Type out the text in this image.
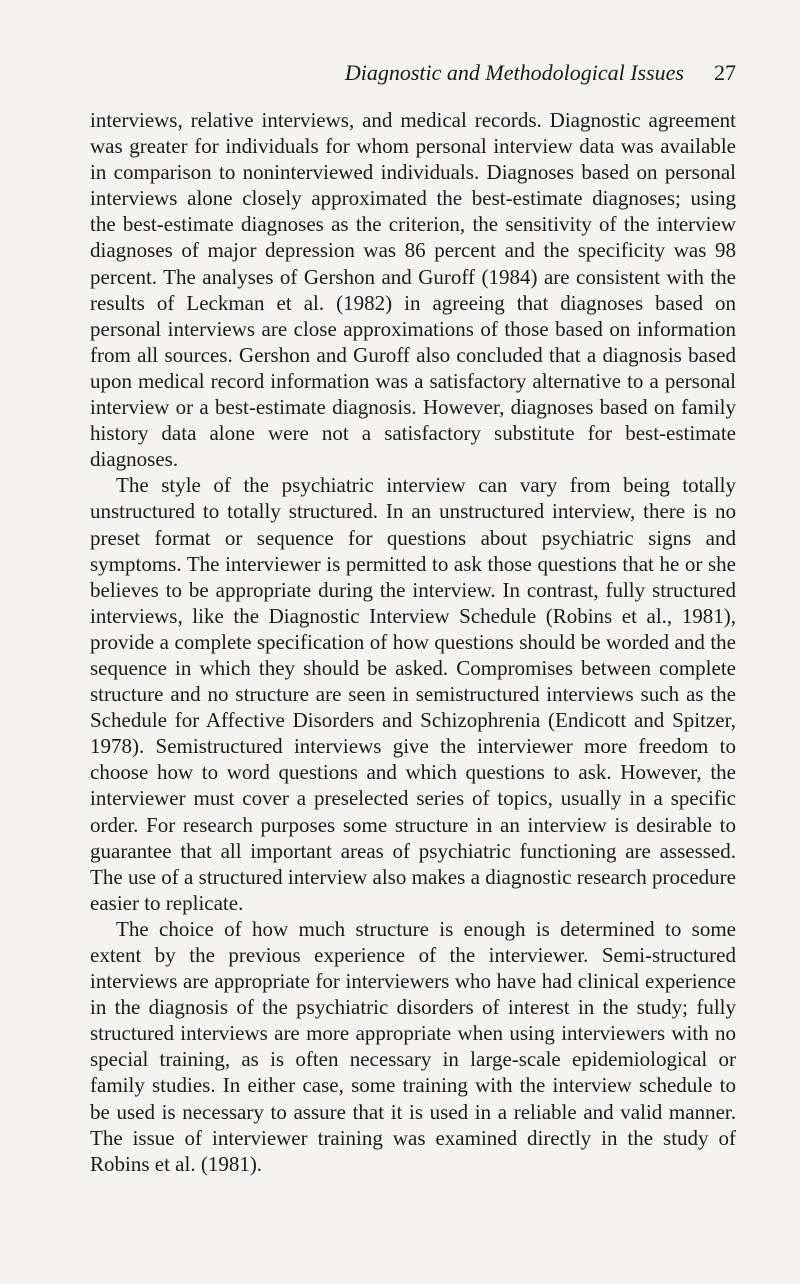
Diagnostic and Methodological Issues 27

interviews, relative interviews, and medical records. Diagnostic agreement was greater for individuals for whom personal interview data was available in comparison to noninterviewed individuals. Diagnoses based on personal interviews alone closely approximated the best-estimate diagnoses; using the best-estimate diagnoses as the criterion, the sensitivity of the interview diagnoses of major depression was 86 percent and the specificity was 98 percent. The analyses of Gershon and Guroff (1984) are consistent with the results of Leckman et al. (1982) in agreeing that diagnoses based on personal interviews are close approximations of those based on information from all sources. Gershon and Guroff also concluded that a diagnosis based upon medical record information was a satisfactory alternative to a personal interview or a best-estimate diagnosis. However, diagnoses based on family history data alone were not a satisfactory substitute for best-estimate diagnoses.

The style of the psychiatric interview can vary from being totally unstructured to totally structured. In an unstructured interview, there is no preset format or sequence for questions about psychiatric signs and symptoms. The interviewer is permitted to ask those questions that he or she believes to be appropriate during the interview. In contrast, fully structured interviews, like the Diagnostic Interview Schedule (Robins et al., 1981), provide a complete specification of how questions should be worded and the sequence in which they should be asked. Compromises between complete structure and no structure are seen in semistructured interviews such as the Schedule for Affective Disorders and Schizophrenia (Endicott and Spitzer, 1978). Semistructured interviews give the interviewer more freedom to choose how to word questions and which questions to ask. However, the interviewer must cover a preselected series of topics, usually in a specific order. For research purposes some structure in an interview is desirable to guarantee that all important areas of psychiatric functioning are assessed. The use of a structured interview also makes a diagnostic research procedure easier to replicate.

The choice of how much structure is enough is determined to some extent by the previous experience of the interviewer. Semi-structured interviews are appropriate for interviewers who have had clinical experience in the diagnosis of the psychiatric disorders of interest in the study; fully structured interviews are more appropriate when using interviewers with no special training, as is often necessary in large-scale epidemiological or family studies. In either case, some training with the interview schedule to be used is necessary to assure that it is used in a reliable and valid manner. The issue of interviewer training was examined directly in the study of Robins et al. (1981).
